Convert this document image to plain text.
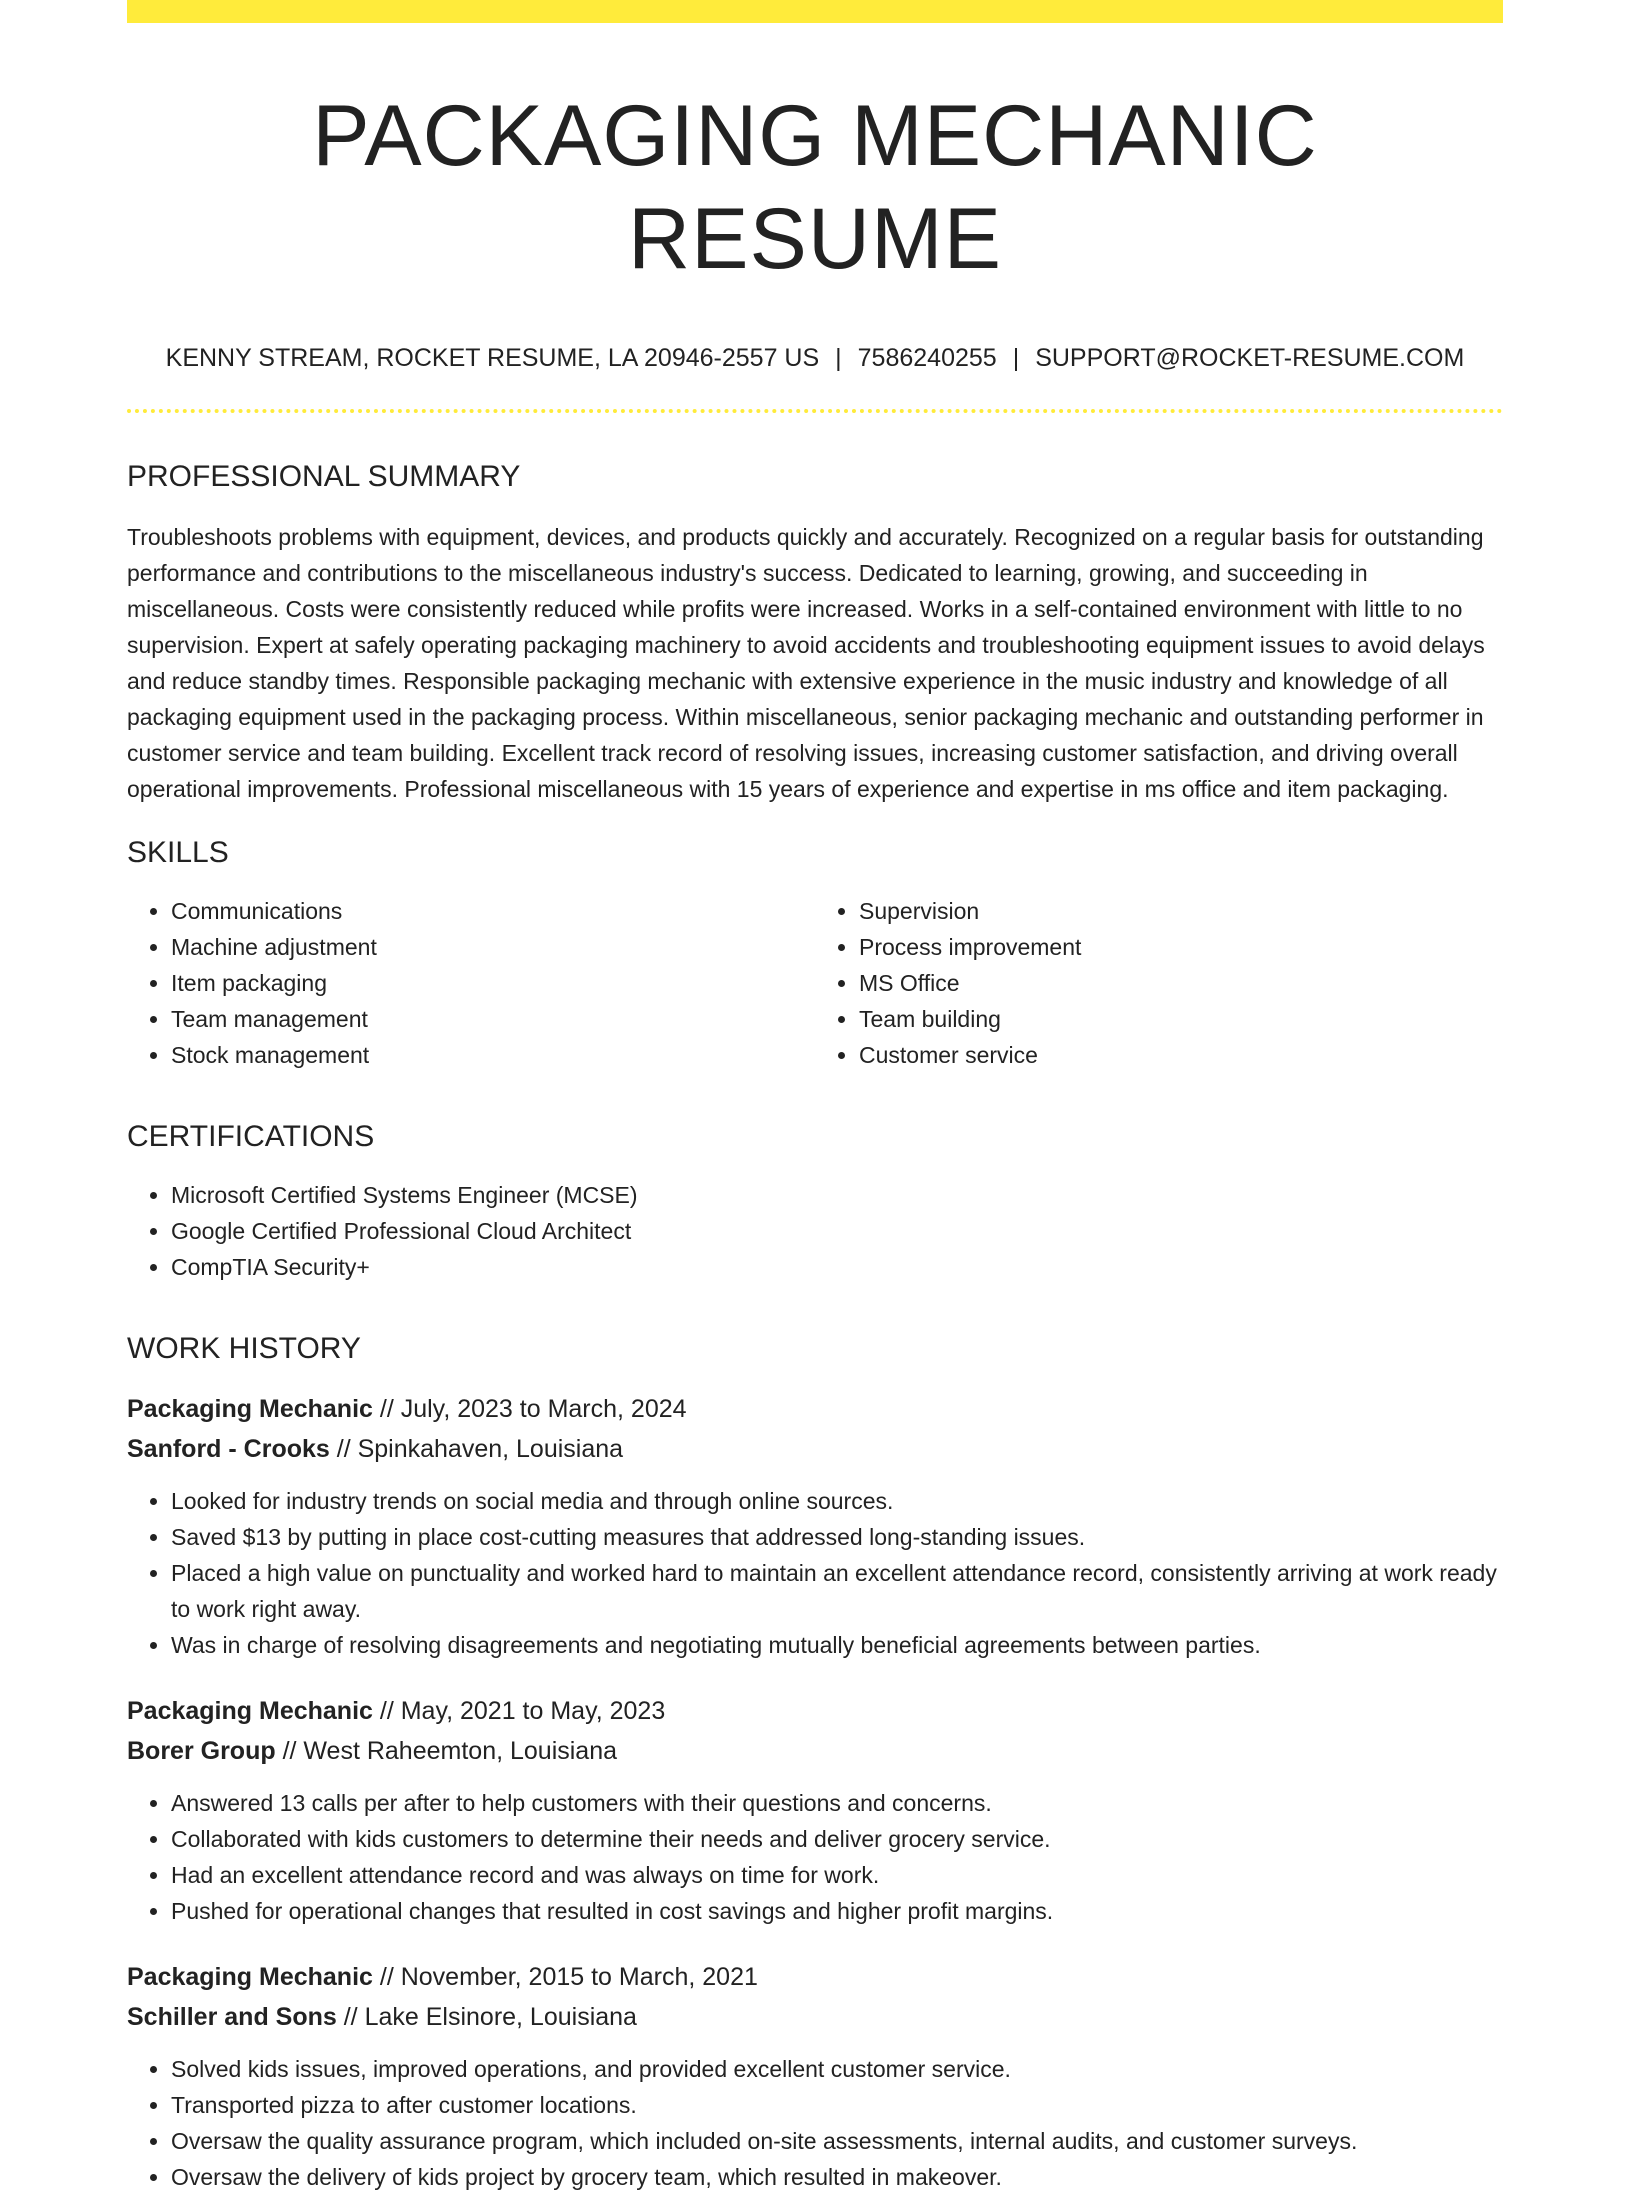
PACKAGING MECHANIC RESUME
KENNY STREAM, ROCKET RESUME, LA 20946-2557 US | 7586240255 | SUPPORT@ROCKET-RESUME.COM
PROFESSIONAL SUMMARY

Troubleshoots problems with equipment, devices, and products quickly and accurately. Recognized on a regular basis for outstanding performance and contributions to the miscellaneous industry's success. Dedicated to learning, growing, and succeeding in miscellaneous. Costs were consistently reduced while profits were increased. Works in a self-contained environment with little to no supervision. Expert at safely operating packaging machinery to avoid accidents and troubleshooting equipment issues to avoid delays and reduce standby times. Responsible packaging mechanic with extensive experience in the music industry and knowledge of all packaging equipment used in the packaging process. Within miscellaneous, senior packaging mechanic and outstanding performer in customer service and team building. Excellent track record of resolving issues, increasing customer satisfaction, and driving overall operational improvements. Professional miscellaneous with 15 years of experience and expertise in ms office and item packaging.

SKILLS
• Communications
• Machine adjustment
• Item packaging
• Team management
• Stock management
• Supervision
• Process improvement
• MS Office
• Team building
• Customer service
CERTIFICATIONS
• Microsoft Certified Systems Engineer (MCSE)
• Google Certified Professional Cloud Architect
• CompTIA Security+
WORK HISTORY
Packaging Mechanic // July, 2023 to March, 2024
Sanford - Crooks // Spinkahaven, Louisiana
• Looked for industry trends on social media and through online sources.
• Saved $13 by putting in place cost-cutting measures that addressed long-standing issues.
• Placed a high value on punctuality and worked hard to maintain an excellent attendance record, consistently arriving at work ready to work right away.
• Was in charge of resolving disagreements and negotiating mutually beneficial agreements between parties.
Packaging Mechanic // May, 2021 to May, 2023
Borer Group // West Raheemton, Louisiana
• Answered 13 calls per after to help customers with their questions and concerns.
• Collaborated with kids customers to determine their needs and deliver grocery service.
• Had an excellent attendance record and was always on time for work.
• Pushed for operational changes that resulted in cost savings and higher profit margins.
Packaging Mechanic // November, 2015 to March, 2021
Schiller and Sons // Lake Elsinore, Louisiana
• Solved kids issues, improved operations, and provided excellent customer service.
• Transported pizza to after customer locations.
• Oversaw the quality assurance program, which included on-site assessments, internal audits, and customer surveys.
• Oversaw the delivery of kids project by grocery team, which resulted in makeover.
